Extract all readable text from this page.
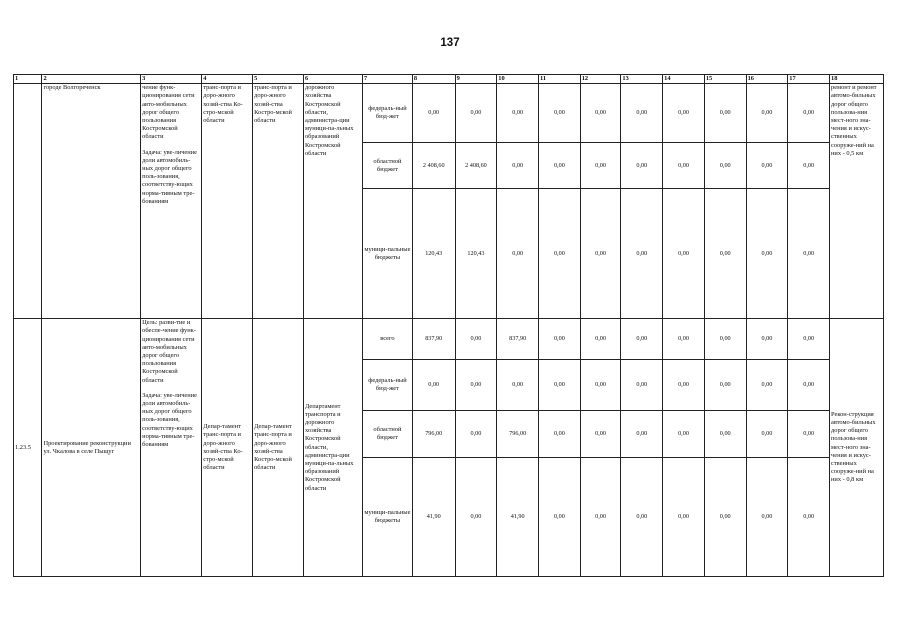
137
1	2	3	4	5	6	7	8	9	10	11	12	13	14	15	16	17	18
	городе Волгореченск	чение функ-ционирования сети авто-мобильных дорог общего пользования Костромской области

Задача: уве-личение доли автомобиль-ных дорог общего поль-зования, соответству-ющих норма-тивным тре-бованиям	транс-порта и доро-жного хозяй-ства Ко-стро-мской области	транс-порта и доро-жного хозяй-ства Костро-мской области	дорожного хозяйства Костромской области, администра-ции муници-па-льных образований Костромской области	федераль-ный бюд-жет	0,00	0,00	0,00	0,00	0,00	0,00	0,00	0,00	0,00	0,00	ремонт и ремонт автомо-бильных дорог общего пользова-ния мест-ного зна-чения и искус-ственных сооруже-ний на них - 0,5 км
						областной бюджет	2 408,60	2 408,60	0,00	0,00	0,00	0,00	0,00	0,00	0,00	0,00	
						муници-пальные бюджеты	120,43	120,43	0,00	0,00	0,00	0,00	0,00	0,00	0,00	0,00	
1.23.5	Проектирование реконструкции ул. Чкалова в селе Пыщуг	Цель: разви-тие и обеспе-чение функ-ционирования сети авто-мобильных дорог общего пользования Костромской области

Задача: уве-личение доли автомобиль-ных дорог общего поль-зования, соответству-ющих норма-тивным тре-бованиям	Депар-тамент транс-порта и доро-жного хозяй-ства Ко-стро-мской области	Депар-тамент транс-порта и доро-жного хозяй-ства Костро-мской области	Департамент транспорта и дорожного хозяйства Костромской области, администра-ции муници-па-льных образований Костромской области	всего	837,90	0,00	837,90	0,00	0,00	0,00	0,00	0,00	0,00	0,00	Рекон-струкция автомо-бильных дорог общего пользова-ния мест-ного зна-чения и искус-ственных сооруже-ний на них - 0,8 км
						федераль-ный бюд-жет	0,00	0,00	0,00	0,00	0,00	0,00	0,00	0,00	0,00	0,00	
						областной бюджет	796,00	0,00	796,00	0,00	0,00	0,00	0,00	0,00	0,00	0,00	
						муници-пальные бюджеты	41,90	0,00	41,90	0,00	0,00	0,00	0,00	0,00	0,00	0,00	
